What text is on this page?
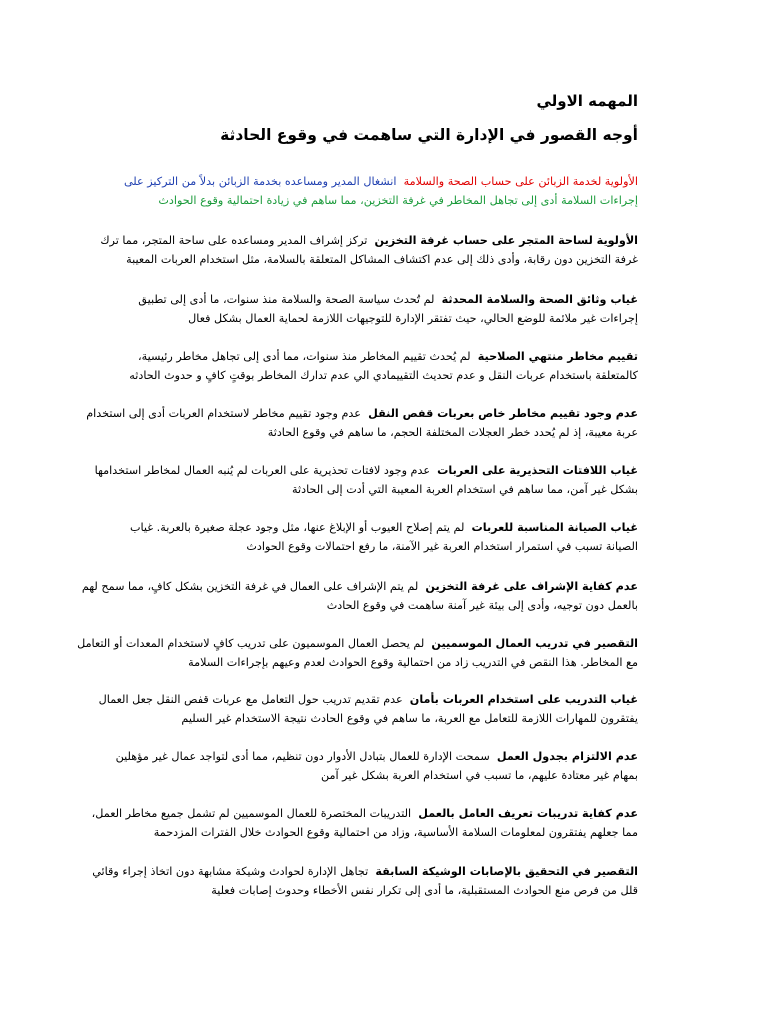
المهمه الاولي
أوجه القصور في الإدارة التي ساهمت في وقوع الحادثة
الأولوية لخدمة الزبائن على حساب الصحة والسلامة  انشغال المدير ومساعده بخدمة الزبائن بدلاً من التركيز على
إجراءات السلامة أدى إلى تجاهل المخاطر في غرفة التخزين، مما ساهم في زيادة احتمالية وقوع الحوادث
الأولوية لساحة المتجر على حساب غرفة التخزين  تركز إشراف المدير ومساعده على ساحة المتجر، مما ترك
غرفة التخزين دون رقابة، وأدى ذلك إلى عدم اكتشاف المشاكل المتعلقة بالسلامة، مثل استخدام العربات المعيبة
غياب وثائق الصحة والسلامة المحدثة  لم تُحدث سياسة الصحة والسلامة منذ سنوات، ما أدى إلى تطبيق
إجراءات غير ملائمة للوضع الحالي، حيث تفتقر الإدارة للتوجيهات اللازمة لحماية العمال بشكل فعال
تقييم مخاطر منتهي الصلاحية  لم يُحدث تقييم المخاطر منذ سنوات، مما أدى إلى تجاهل مخاطر رئيسية،
كالمتعلقة باستخدام عربات النقل و عدم تحديث التقييمادي الي عدم تدارك المخاطر بوقتٍ كافٍ و حدوث الحادثه
عدم وجود تقييم مخاطر خاص بعربات قفص النقل  عدم وجود تقييم مخاطر لاستخدام العربات أدى إلى استخدام
عربة معيبة، إذ لم يُحدد خطر العجلات المختلفة الحجم، ما ساهم في وقوع الحادثة
غياب اللافتات التحذيرية على العربات  عدم وجود لافتات تحذيرية على العربات لم يُنبه العمال لمخاطر استخدامها
بشكل غير آمن، مما ساهم في استخدام العربة المعيبة التي أدت إلى الحادثة
غياب الصيانة المناسبة للعربات  لم يتم إصلاح العيوب أو الإبلاغ عنها، مثل وجود عجلة صغيرة بالعربة. غياب
الصيانة تسبب في استمرار استخدام العربة غير الآمنة، ما رفع احتمالات وقوع الحوادث
عدم كفاية الإشراف على غرفة التخزين  لم يتم الإشراف على العمال في غرفة التخزين بشكل كافٍ، مما سمح لهم
بالعمل دون توجيه، وأدى إلى بيئة غير آمنة ساهمت في وقوع الحادث
التقصير في تدريب العمال الموسميين  لم يحصل العمال الموسميون على تدريب كافٍ لاستخدام المعدات أو التعامل
مع المخاطر. هذا النقص في التدريب زاد من احتمالية وقوع الحوادث لعدم وعيهم بإجراءات السلامة
غياب التدريب على استخدام العربات بأمان  عدم تقديم تدريب حول التعامل مع عربات قفص النقل جعل العمال
يفتقرون للمهارات اللازمة للتعامل مع العربة، ما ساهم في وقوع الحادث نتيجة الاستخدام غير السليم
عدم الالتزام بجدول العمل  سمحت الإدارة للعمال بتبادل الأدوار دون تنظيم، مما أدى لتواجد عمال غير مؤهلين
بمهام غير معتادة عليهم، ما تسبب في استخدام العربة بشكل غير آمن
عدم كفاية تدريبات تعريف العامل بالعمل  التدريبات المختصرة للعمال الموسميين لم تشمل جميع مخاطر العمل،
مما جعلهم يفتقرون لمعلومات السلامة الأساسية، وزاد من احتمالية وقوع الحوادث خلال الفترات المزدحمة
التقصير في التحقيق بالإصابات الوشيكة السابقة  تجاهل الإدارة لحوادث وشيكة مشابهة دون اتخاذ إجراء وقائي
قلل من فرص منع الحوادث المستقبلية، ما أدى إلى تكرار نفس الأخطاء وحدوث إصابات فعلية
